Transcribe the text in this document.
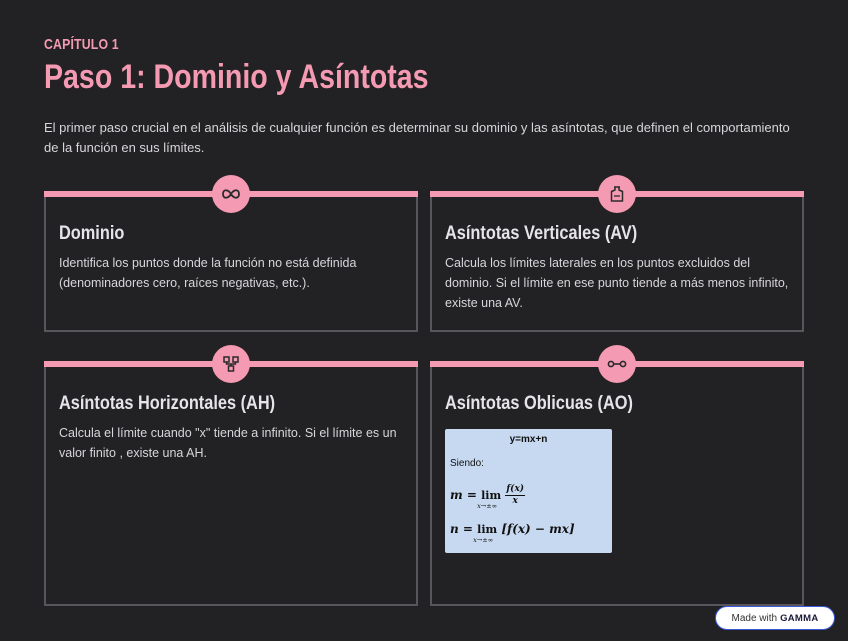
CAPÍTULO 1
Paso 1: Dominio y Asíntotas

El primer paso crucial en el análisis de cualquier función es determinar su dominio y las asíntotas, que definen el comportamiento de la función en sus límites.

Dominio

Identifica los puntos donde la función no está definida (denominadores cero, raíces negativas, etc.).

Asíntotas Verticales (AV)

Calcula los límites laterales en los puntos excluidos del dominio. Si el límite en ese punto tiende a más menos infinito, existe una AV.

Asíntotas Horizontales (AH)

Calcula el límite cuando "x" tiende a infinito. Si el límite es un valor finito , existe una AH.

Asíntotas Oblicuas (AO)
y=mx+n
Siendo:
m = lim
x→±∞
$\frac{f(x)}{x}$
n = lim
x→±∞
[f(x) − mx]
Made with GAMMA
